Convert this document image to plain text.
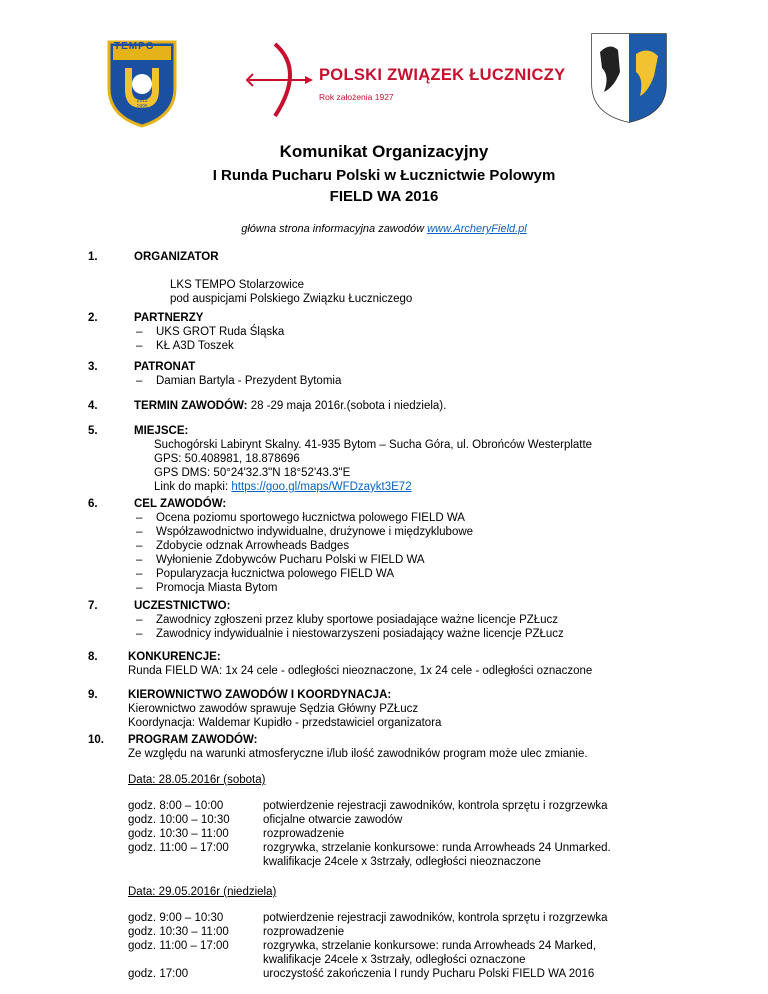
TEMPO
1913 1995
POLSKI ZWIĄZEK ŁUCZNICZY
Rok założenia 1927
Komunikat Organizacyjny
I Runda Pucharu Polski w Łucznictwie Polowym
FIELD WA 2016
główna strona informacyjna zawodów www.ArcheryField.pl
1.	ORGANIZATOR
LKS TEMPO Stolarzowice
pod auspicjami Polskiego Związku Łuczniczego
2.	PARTNERZY
– UKS GROT Ruda Śląska
– KŁ A3D Toszek
3.	PATRONAT
– Damian Bartyla - Prezydent Bytomia
4.	TERMIN ZAWODÓW: 28 -29 maja 2016r.(sobota i niedziela).
5.	MIEJSCE:
Suchogórski Labirynt Skalny. 41-935 Bytom – Sucha Góra, ul. Obrońców Westerplatte
GPS: 50.408981, 18.878696
GPS DMS: 50°24'32.3"N 18°52'43.3"E
Link do mapki: https://goo.gl/maps/WFDzaykt3E72
6.	CEL ZAWODÓW:
– Ocena poziomu sportowego łucznictwa polowego FIELD WA
– Współzawodnictwo indywidualne, drużynowe i międzyklubowe
– Zdobycie odznak Arrowheads Badges
– Wyłonienie Zdobywców Pucharu Polski w FIELD WA
– Popularyzacja łucznictwa polowego FIELD WA
– Promocja Miasta Bytom
7.	UCZESTNICTWO:
– Zawodnicy zgłoszeni przez kluby sportowe posiadające ważne licencje PZŁucz
– Zawodnicy indywidualnie i niestowarzyszeni posiadający ważne licencje PZŁucz
8.	KONKURENCJE:
Runda FIELD WA: 1x 24 cele - odległości nieoznaczone, 1x 24 cele - odległości oznaczone
9.	KIEROWNICTWO ZAWODÓW I KOORDYNACJA:
Kierownictwo zawodów sprawuje Sędzia Główny PZŁucz
Koordynacja: Waldemar Kupidło - przedstawiciel organizatora
10.	PROGRAM ZAWODÓW:
Ze względu na warunki atmosferyczne i/lub ilość zawodników program może ulec zmianie.
Data: 28.05.2016r (sobota)
godz. 8:00 – 10:00	potwierdzenie rejestracji zawodników, kontrola sprzętu i rozgrzewka
godz. 10:00 – 10:30	oficjalne otwarcie zawodów
godz. 10:30 – 11:00	rozprowadzenie
godz. 11:00 – 17:00	rozgrywka, strzelanie konkursowe: runda Arrowheads 24 Unmarked.
kwalifikacje 24cele x 3strzały, odległości nieoznaczone
Data: 29.05.2016r (niedziela)
godz. 9:00 – 10:30	potwierdzenie rejestracji zawodników, kontrola sprzętu i rozgrzewka
godz. 10:30 – 11:00	rozprowadzenie
godz. 11:00 – 17:00	rozgrywka, strzelanie konkursowe: runda Arrowheads 24 Marked,
kwalifikacje 24cele x 3strzały, odległości oznaczone
godz. 17:00	uroczystość zakończenia I rundy Pucharu Polski FIELD WA 2016
